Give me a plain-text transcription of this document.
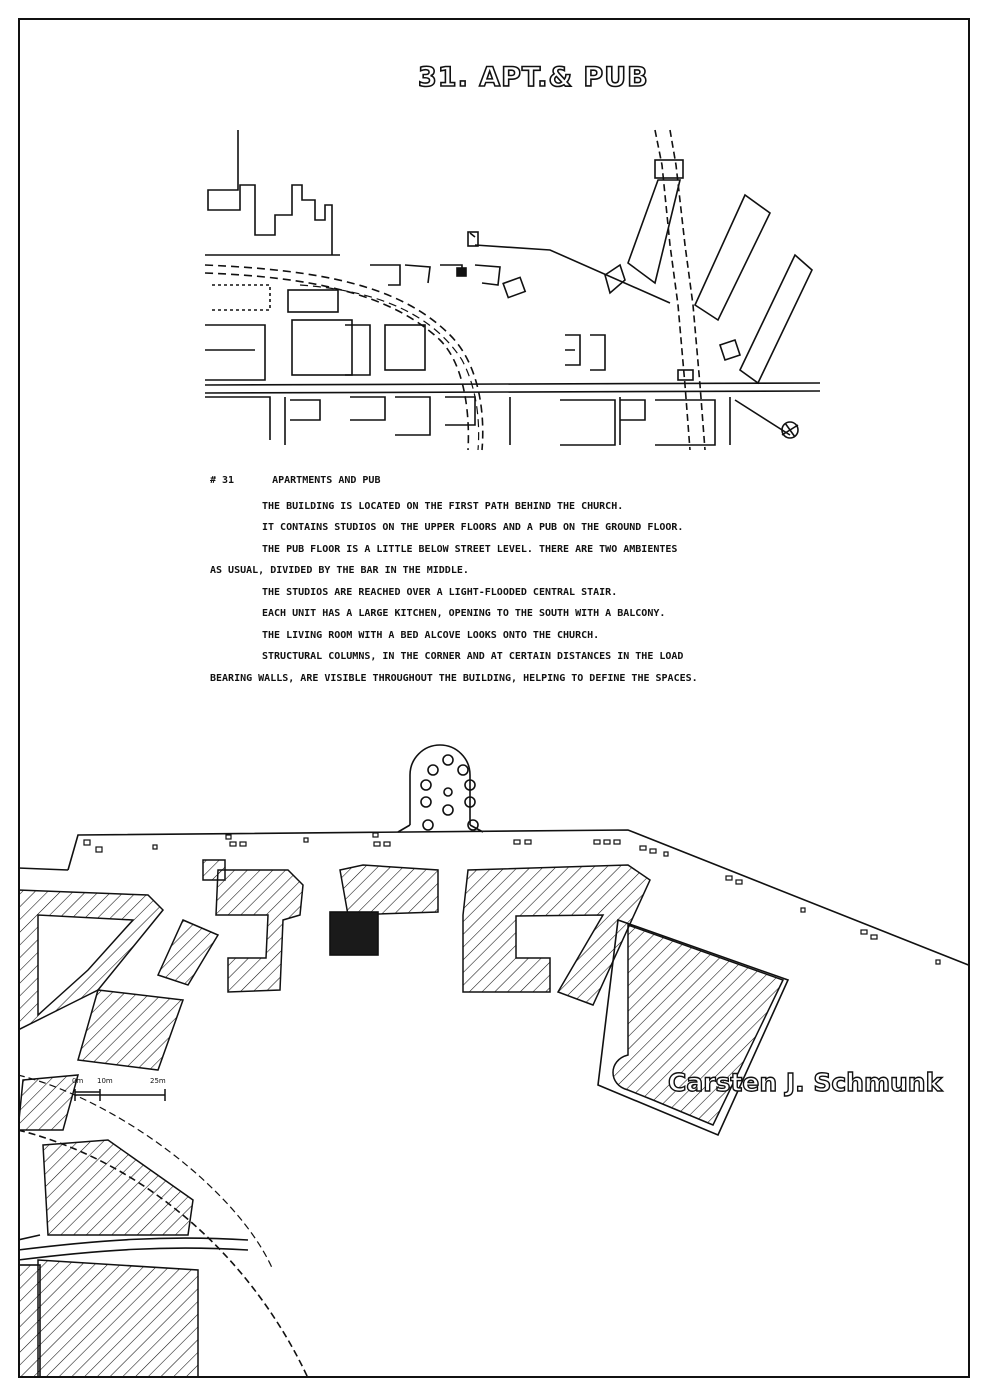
31. APT.& PUB
# 31	APARTMENTS AND PUB

THE BUILDING IS LOCATED ON THE FIRST PATH BEHIND THE CHURCH.

IT CONTAINS STUDIOS ON THE UPPER FLOORS AND A PUB ON THE GROUND FLOOR.

THE PUB FLOOR IS A LITTLE BELOW STREET LEVEL. THERE ARE TWO AMBIENTES

AS USUAL, DIVIDED BY THE BAR IN THE MIDDLE.

THE STUDIOS ARE REACHED OVER A LIGHT-FLOODED CENTRAL STAIR.

EACH UNIT HAS A LARGE KITCHEN, OPENING TO THE SOUTH WITH A BALCONY.

THE LIVING ROOM WITH A BED ALCOVE LOOKS ONTO THE CHURCH.

STRUCTURAL COLUMNS, IN THE CORNER AND AT CERTAIN DISTANCES IN THE LOAD

BEARING WALLS, ARE VISIBLE THROUGHOUT THE BUILDING, HELPING TO DEFINE THE SPACES.

0m 10m	25m	Carsten J. Schmunk
